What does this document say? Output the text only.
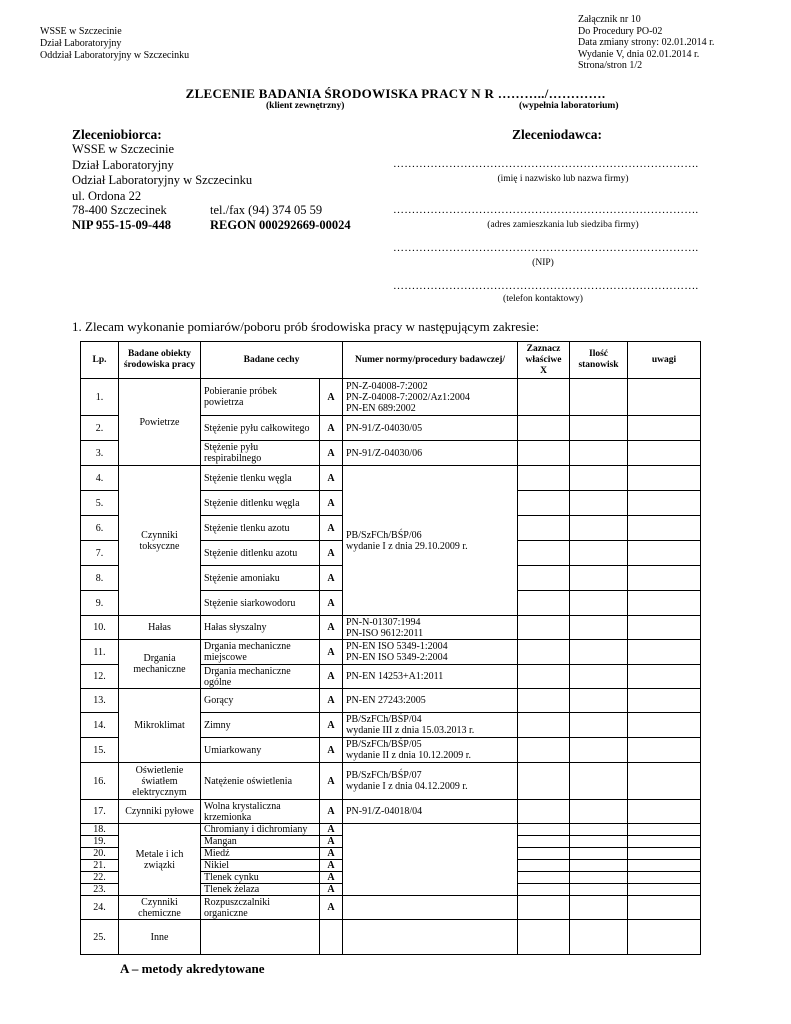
WSSE w Szczecinie
Dział Laboratoryjny
Oddział Laboratoryjny w Szczecinku
Załącznik nr 10
Do Procedury PO-02
Data zmiany strony: 02.01.2014 r.
Wydanie V, dnia 02.01.2014 r.
Strona/stron 1/2
ZLECENIE BADANIA ŚRODOWISKA PRACY N R ………../………….
(klient zewnętrzny)	(wypełnia laboratorium)
Zleceniobiorca:
WSSE w Szczecinie
Dział Laboratoryjny
Odział Laboratoryjny w Szczecinku
ul. Ordona 22
78-400 Szczecinek	tel./fax (94) 374 05 59
NIP 955-15-09-448	REGON 000292669-00024
Zleceniodawca:
……………………………………………………………………….
(imię i nazwisko lub nazwa firmy)
……………………………………………………………………….
(adres zamieszkania lub siedziba firmy)
……………………………………………………………………….
(NIP)
……………………………………………………………………….
(telefon kontaktowy)
1. Zlecam wykonanie pomiarów/poboru prób środowiska pracy w następującym zakresie:
Lp.	Badane obiekty środowiska pracy	Badane cechy		Numer normy/procedury badawczej/	Zaznacz właściwe X	Ilość stanowisk	uwagi
1.	Powietrze	Pobieranie próbek powietrza	A	PN-Z-04008-7:2002
PN-Z-04008-7:2002/Az1:2004
PN-EN 689:2002			
2.		Stężenie pyłu całkowitego	A	PN-91/Z-04030/05			
3.		Stężenie pyłu respirabilnego	A	PN-91/Z-04030/06			
4.	Czynniki toksyczne	Stężenie tlenku węgla	A	PB/SzFCh/BŚP/06
wydanie I z dnia 29.10.2009 r.			
5.		Stężenie ditlenku węgla	A				
6.		Stężenie tlenku azotu	A				
7.		Stężenie ditlenku azotu	A				
8.		Stężenie amoniaku	A				
9.		Stężenie siarkowodoru	A				
10.	Hałas	Hałas słyszalny	A	PN-N-01307:1994
PN-ISO 9612:2011			
11.	Drgania mechaniczne	Drgania mechaniczne miejscowe	A	PN-EN ISO 5349-1:2004
PN-EN ISO 5349-2:2004			
12.		Drgania mechaniczne ogólne	A	PN-EN 14253+A1:2011			
13.	Mikroklimat	Gorący	A	PN-EN 27243:2005			
14.		Zimny	A	PB/SzFCh/BŚP/04
wydanie III z dnia 15.03.2013 r.			
15.		Umiarkowany	A	PB/SzFCh/BŚP/05
wydanie II z dnia 10.12.2009 r.			
16.	Oświetlenie światłem elektrycznym	Natężenie oświetlenia	A	PB/SzFCh/BŚP/07
wydanie I z dnia 04.12.2009 r.			
17.	Czynniki pyłowe	Wolna krystaliczna krzemionka	A	PN-91/Z-04018/04			
18.	Metale i ich związki	Chromiany i dichromiany	A				
19.		Mangan	A				
20.		Miedź	A				
21.		Nikiel	A				
22.		Tlenek cynku	A				
23.		Tlenek żelaza	A				
24.	Czynniki chemiczne	Rozpuszczalniki organiczne	A				
25.	Inne						
A – metody akredytowane
